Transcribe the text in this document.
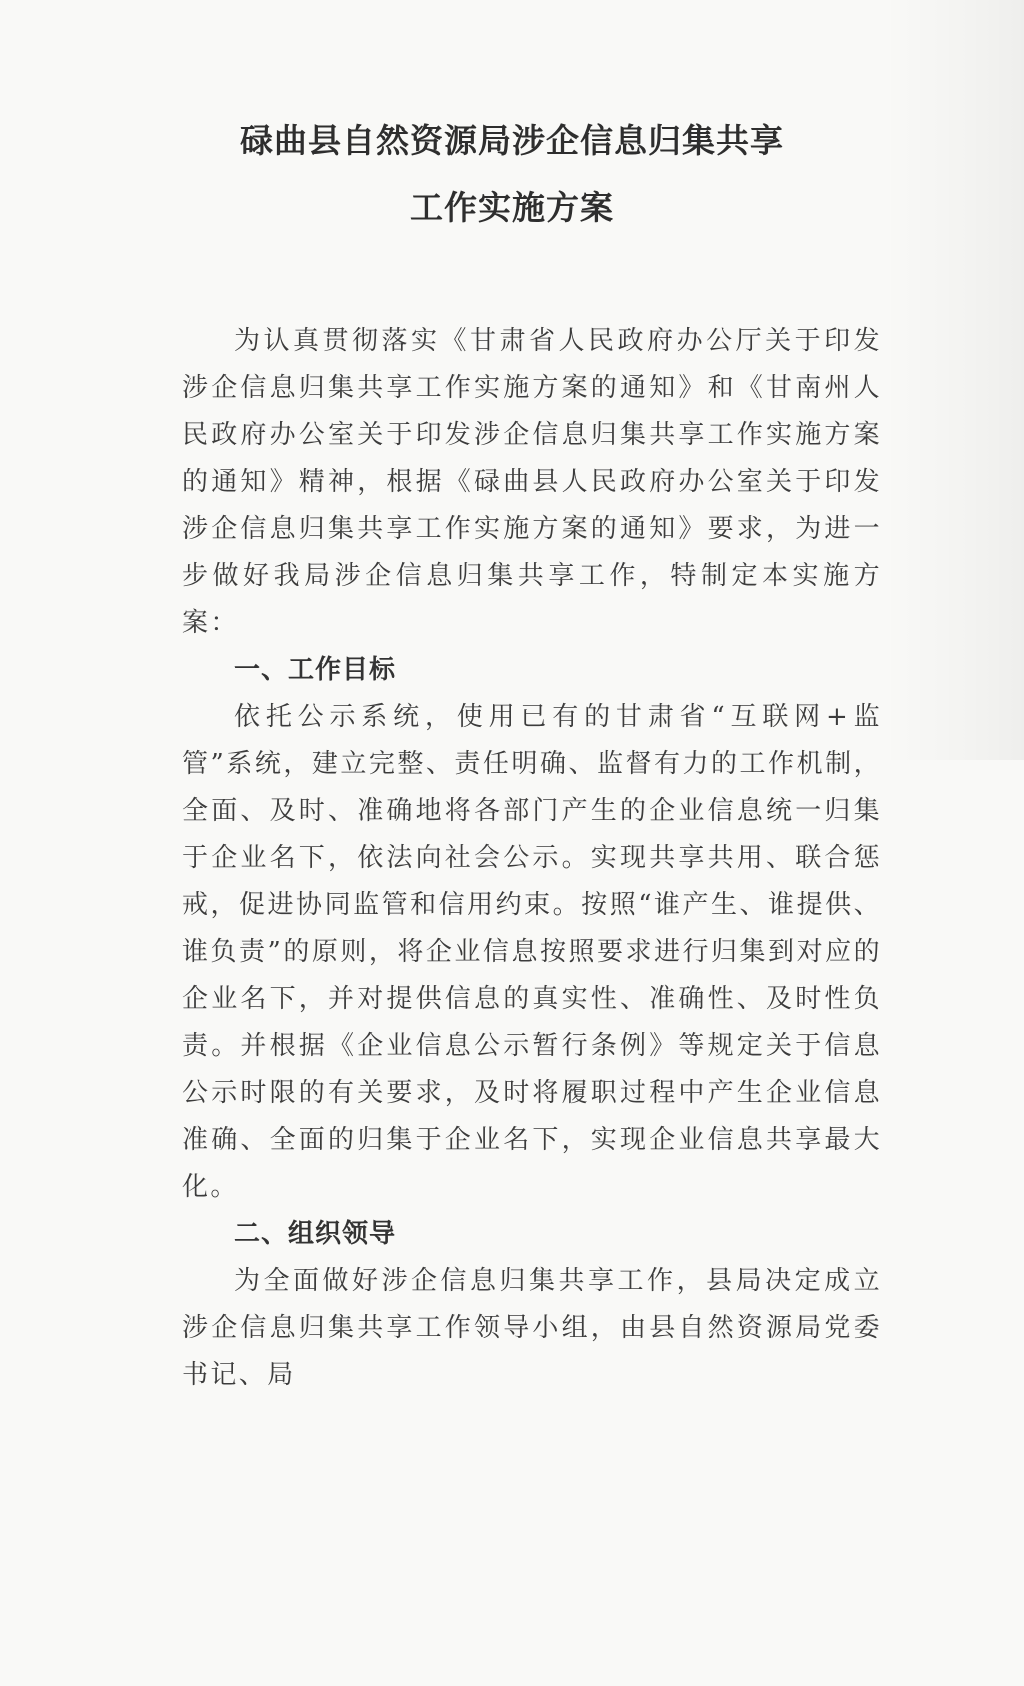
碌曲县自然资源局涉企信息归集共享
工作实施方案

为认真贯彻落实《甘肃省人民政府办公厅关于印发涉企信息归集共享工作实施方案的通知》和《甘南州人民政府办公室关于印发涉企信息归集共享工作实施方案的通知》精神，根据《碌曲县人民政府办公室关于印发涉企信息归集共享工作实施方案的通知》要求，为进一步做好我局涉企信息归集共享工作，特制定本实施方案：

一、工作目标

依托公示系统，使用已有的甘肃省“互联网+监管”系统，建立完整、责任明确、监督有力的工作机制，全面、及时、准确地将各部门产生的企业信息统一归集于企业名下，依法向社会公示。实现共享共用、联合惩戒，促进协同监管和信用约束。按照“谁产生、谁提供、谁负责”的原则，将企业信息按照要求进行归集到对应的企业名下，并对提供信息的真实性、准确性、及时性负责。并根据《企业信息公示暂行条例》等规定关于信息公示时限的有关要求，及时将履职过程中产生企业信息准确、全面的归集于企业名下，实现企业信息共享最大化。

二、组织领导

为全面做好涉企信息归集共享工作，县局决定成立涉企信息归集共享工作领导小组，由县自然资源局党委书记、局
